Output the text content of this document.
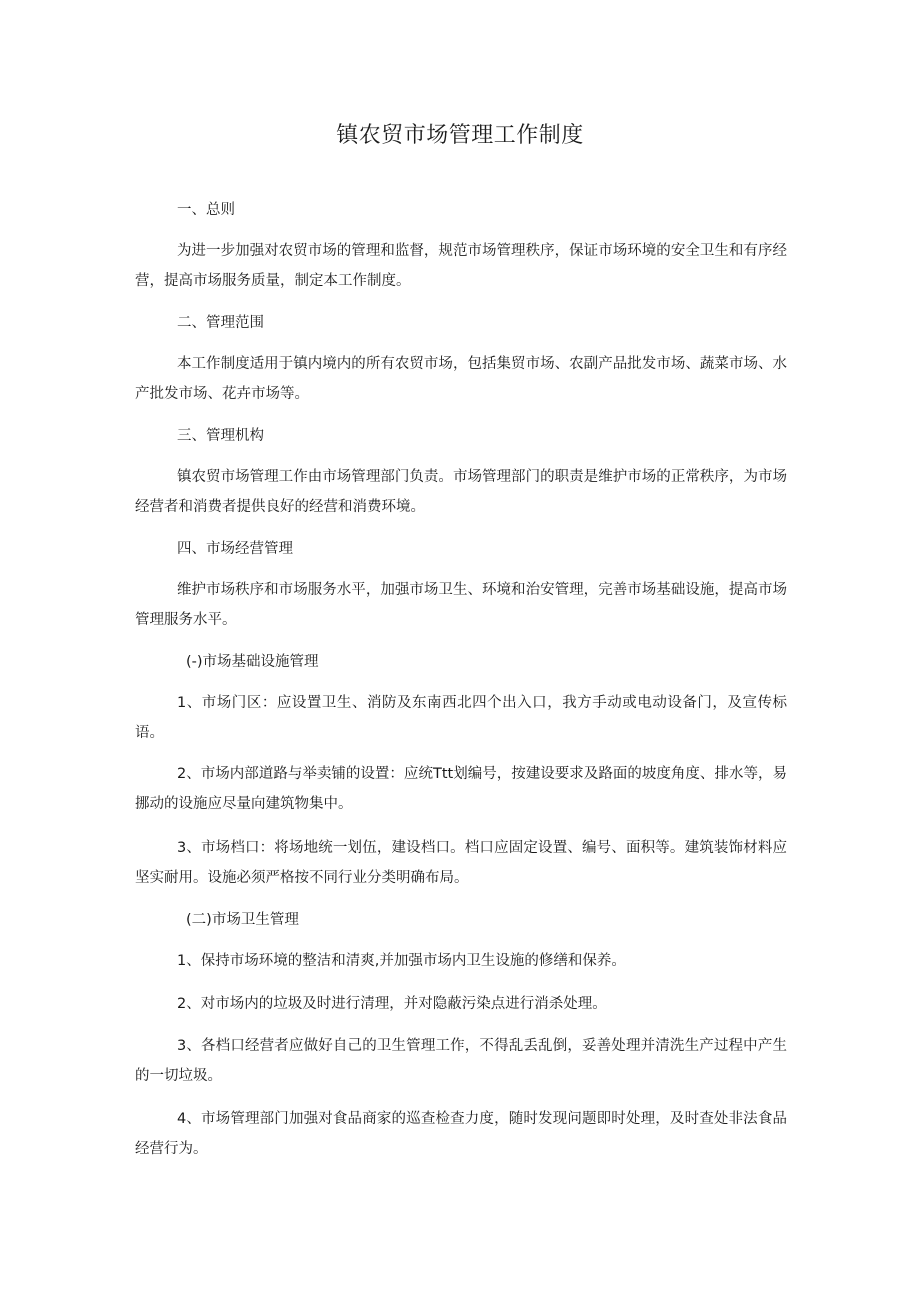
镇农贸市场管理工作制度
一、总则
为进一步加强对农贸市场的管理和监督，规范市场管理秩序，保证市场环境的安全卫生和有序经营，提高市场服务质量，制定本工作制度。
二、管理范围
本工作制度适用于镇内境内的所有农贸市场，包括集贸市场、农副产品批发市场、蔬菜市场、水产批发市场、花卉市场等。
三、管理机构
镇农贸市场管理工作由市场管理部门负责。市场管理部门的职责是维护市场的正常秩序，为市场经营者和消费者提供良好的经营和消费环境。
四、市场经营管理
维护市场秩序和市场服务水平，加强市场卫生、环境和治安管理，完善市场基础设施，提高市场管理服务水平。
(-)市场基础设施管理
1、市场门区：应设置卫生、消防及东南西北四个出入口，我方手动或电动设备门，及宣传标语。
2、市场内部道路与举卖铺的设置：应统Ttt划编号，按建设要求及路面的坡度角度、排水等，易挪动的设施应尽量向建筑物集中。
3、市场档口：将场地统一划伍，建设档口。档口应固定设置、编号、面积等。建筑装饰材料应坚实耐用。设施必须严格按不同行业分类明确布局。
(二)市场卫生管理
1、保持市场环境的整洁和清爽,并加强市场内卫生设施的修缮和保养。
2、对市场内的垃圾及时进行清理，并对隐蔽污染点进行消杀处理。
3、各档口经营者应做好自己的卫生管理工作，不得乱丢乱倒，妥善处理并清洗生产过程中产生的一切垃圾。
4、市场管理部门加强对食品商家的巡查检查力度，随时发现问题即时处理，及时查处非法食品经营行为。
